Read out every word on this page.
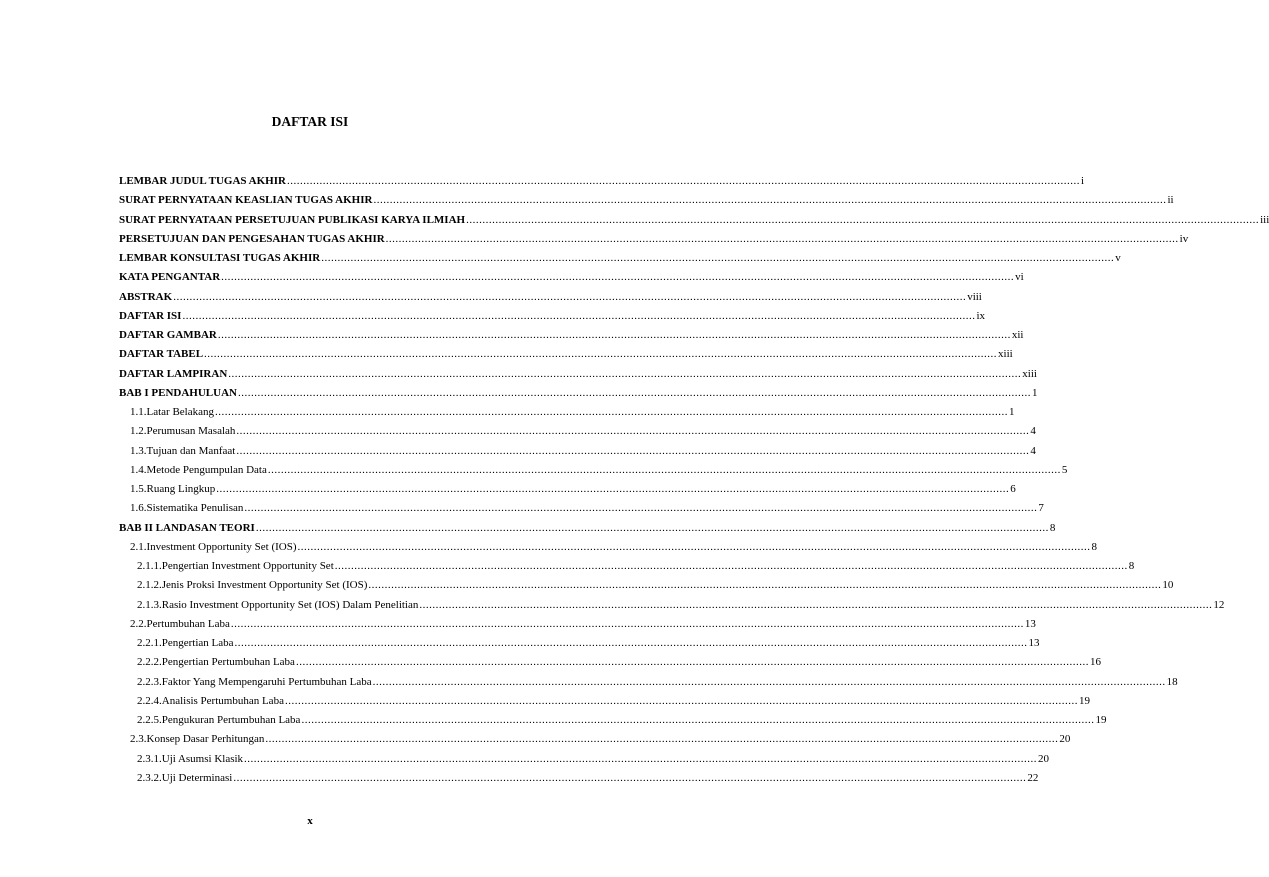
DAFTAR ISI
LEMBAR JUDUL TUGAS AKHIR .....	i
SURAT PERNYATAAN KEASLIAN TUGAS AKHIR .....	ii
SURAT PERNYATAAN PERSETUJUAN PUBLIKASI KARYA ILMIAH .....	iii
PERSETUJUAN DAN PENGESAHAN TUGAS AKHIR .....	iv
LEMBAR KONSULTASI TUGAS AKHIR .....	v
KATA PENGANTAR .....	vi
ABSTRAK .....	viii
DAFTAR ISI .....	ix
DAFTAR GAMBAR .....	xii
DAFTAR TABEL .....	xiii
DAFTAR LAMPIRAN .....	xiii
BAB I PENDAHULUAN .....	1
1.1. Latar Belakang .....	1
1.2. Perumusan Masalah .....	4
1.3. Tujuan dan Manfaat .....	4
1.4. Metode Pengumpulan Data .....	5
1.5. Ruang Lingkup .....	6
1.6. Sistematika Penulisan .....	7
BAB II LANDASAN TEORI .....	8
2.1. Investment Opportunity Set (IOS) .....	8
2.1.1. Pengertian Investment Opportunity Set .....	8
2.1.2. Jenis Proksi Investment Opportunity Set (IOS) .....	10
2.1.3. Rasio Investment Opportunity Set (IOS) Dalam Penelitian .....	12
2.2. Pertumbuhan Laba .....	13
2.2.1. Pengertian Laba .....	13
2.2.2. Pengertian Pertumbuhan Laba .....	16
2.2.3. Faktor Yang Mempengaruhi Pertumbuhan Laba .....	18
2.2.4. Analisis Pertumbuhan Laba .....	19
2.2.5. Pengukuran Pertumbuhan Laba .....	19
2.3. Konsep Dasar Perhitungan .....	20
2.3.1. Uji Asumsi Klasik .....	20
2.3.2. Uji Determinasi .....	22
x
